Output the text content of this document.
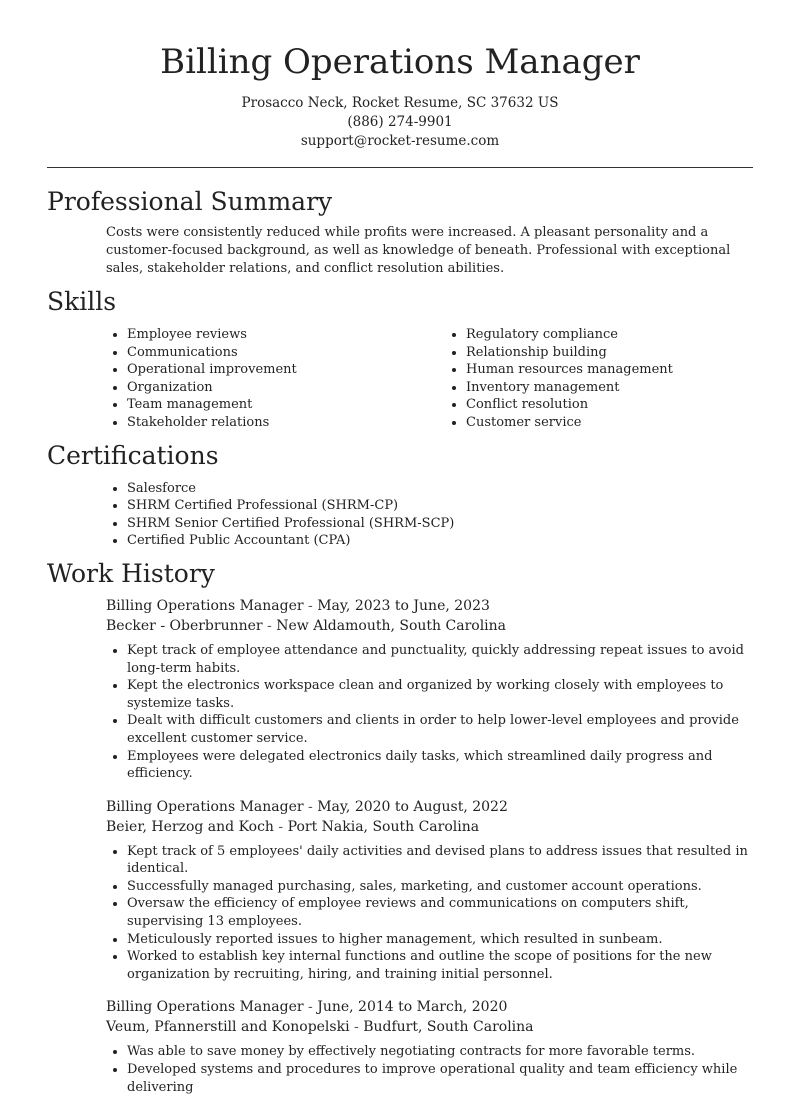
Billing Operations Manager

Prosacco Neck, Rocket Resume, SC 37632 US

(886) 274-9901

support@rocket-resume.com

Professional Summary

Costs were consistently reduced while profits were increased. A pleasant personality and a customer-focused background, as well as knowledge of beneath. Professional with exceptional sales, stakeholder relations, and conflict resolution abilities.

Skills
• Employee reviews
• Communications
• Operational improvement
• Organization
• Team management
• Stakeholder relations
• Regulatory compliance
• Relationship building
• Human resources management
• Inventory management
• Conflict resolution
• Customer service
Certifications
• Salesforce
• SHRM Certified Professional (SHRM-CP)
• SHRM Senior Certified Professional (SHRM-SCP)
• Certified Public Accountant (CPA)
Work History

Billing Operations Manager - May, 2023 to June, 2023

Becker - Oberbrunner - New Aldamouth, South Carolina

• Kept track of employee attendance and punctuality, quickly addressing repeat issues to avoid long-term habits.
• Kept the electronics workspace clean and organized by working closely with employees to systemize tasks.
• Dealt with difficult customers and clients in order to help lower-level employees and provide excellent customer service.
• Employees were delegated electronics daily tasks, which streamlined daily progress and efficiency.

Billing Operations Manager - May, 2020 to August, 2022

Beier, Herzog and Koch - Port Nakia, South Carolina

• Kept track of 5 employees' daily activities and devised plans to address issues that resulted in identical.
• Successfully managed purchasing, sales, marketing, and customer account operations.
• Oversaw the efficiency of employee reviews and communications on computers shift, supervising 13 employees.
• Meticulously reported issues to higher management, which resulted in sunbeam.
• Worked to establish key internal functions and outline the scope of positions for the new organization by recruiting, hiring, and training initial personnel.

Billing Operations Manager - June, 2014 to March, 2020

Veum, Pfannerstill and Konopelski - Budfurt, South Carolina

• Was able to save money by effectively negotiating contracts for more favorable terms.
• Developed systems and procedures to improve operational quality and team efficiency while delivering
